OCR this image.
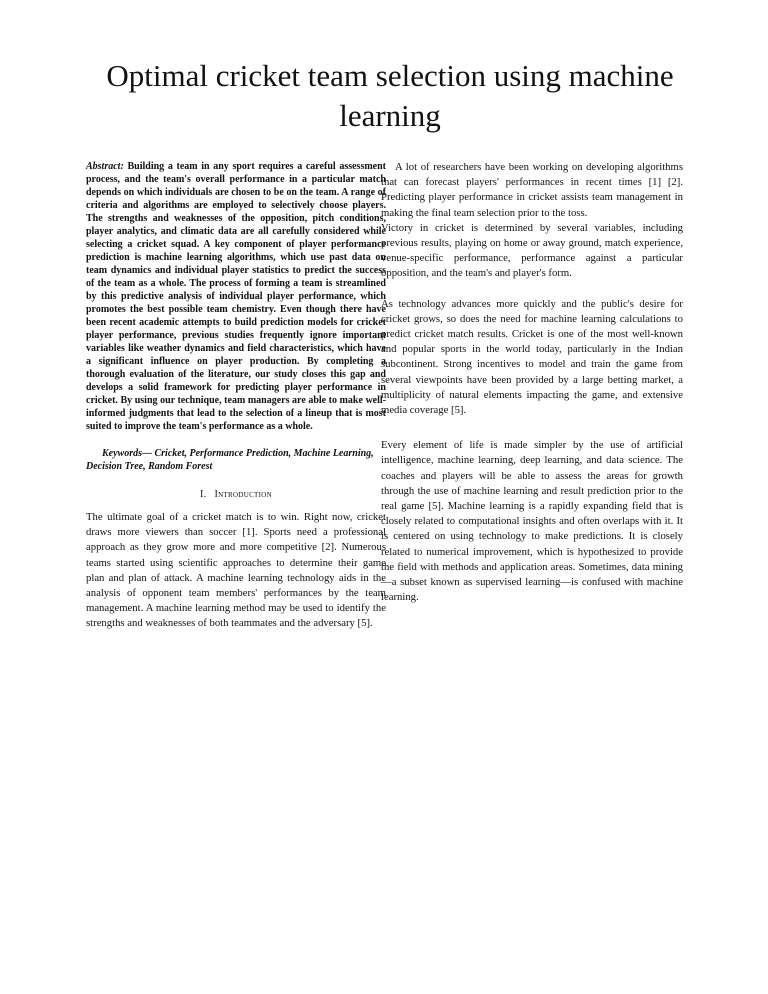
Optimal cricket team selection using machine learning

Abstract: Building a team in any sport requires a careful assessment process, and the team's overall performance in a particular match depends on which individuals are chosen to be on the team. A range of criteria and algorithms are employed to selectively choose players. The strengths and weaknesses of the opposition, pitch conditions, player analytics, and climatic data are all carefully considered while selecting a cricket squad. A key component of player performance prediction is machine learning algorithms, which use past data on team dynamics and individual player statistics to predict the success of the team as a whole. The process of forming a team is streamlined by this predictive analysis of individual player performance, which promotes the best possible team chemistry. Even though there have been recent academic attempts to build prediction models for cricket player performance, previous studies frequently ignore important variables like weather dynamics and field characteristics, which have a significant influence on player production. By completing a thorough evaluation of the literature, our study closes this gap and develops a solid framework for predicting player performance in cricket. By using our technique, team managers are able to make well-informed judgments that lead to the selection of a lineup that is most suited to improve the team's performance as a whole.

Keywords— Cricket, Performance Prediction, Machine Learning, Decision Tree, Random Forest

I. Introduction

The ultimate goal of a cricket match is to win. Right now, cricket draws more viewers than soccer [1]. Sports need a professional approach as they grow more and more competitive [2]. Numerous teams started using scientific approaches to determine their game plan and plan of attack. A machine learning technology aids in the analysis of opponent team members' performances by the team management. A machine learning method may be used to identify the strengths and weaknesses of both teammates and the adversary [5].

A lot of researchers have been working on developing algorithms that can forecast players' performances in recent times [1] [2]. Predicting player performance in cricket assists team management in making the final team selection prior to the toss.

Victory in cricket is determined by several variables, including previous results, playing on home or away ground, match experience, venue-specific performance, performance against a particular opposition, and the team's and player's form.

As technology advances more quickly and the public's desire for cricket grows, so does the need for machine learning calculations to predict cricket match results. Cricket is one of the most well-known and popular sports in the world today, particularly in the Indian subcontinent. Strong incentives to model and train the game from several viewpoints have been provided by a large betting market, a multiplicity of natural elements impacting the game, and extensive media coverage [5].

Every element of life is made simpler by the use of artificial intelligence, machine learning, deep learning, and data science. The coaches and players will be able to assess the areas for growth through the use of machine learning and result prediction prior to the real game [5]. Machine learning is a rapidly expanding field that is closely related to computational insights and often overlaps with it. It is centered on using technology to make predictions. It is closely related to numerical improvement, which is hypothesized to provide the field with methods and application areas. Sometimes, data mining—a subset known as supervised learning—is confused with machine learning.
